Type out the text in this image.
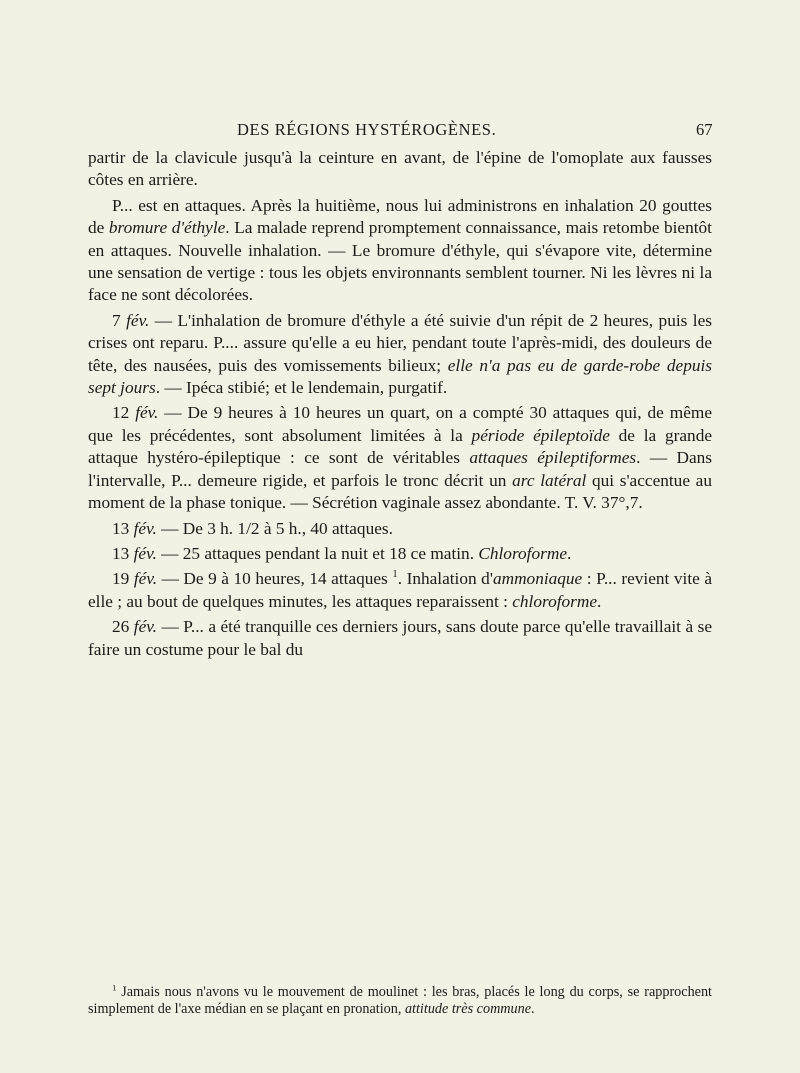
DES RÉGIONS HYSTÉROGÈNES.	67

partir de la clavicule jusqu'à la ceinture en avant, de l'épine de l'omoplate aux fausses côtes en arrière.

P... est en attaques. Après la huitième, nous lui administrons en inhalation 20 gouttes de bromure d'éthyle. La malade reprend promptement connaissance, mais retombe bientôt en attaques. Nouvelle inhalation. — Le bromure d'éthyle, qui s'évapore vite, détermine une sensation de vertige : tous les objets environnants semblent tourner. Ni les lèvres ni la face ne sont décolorées.

7 fév. — L'inhalation de bromure d'éthyle a été suivie d'un répit de 2 heures, puis les crises ont reparu. P.... assure qu'elle a eu hier, pendant toute l'après-midi, des douleurs de tête, des nausées, puis des vomissements bilieux; elle n'a pas eu de garde-robe depuis sept jours. — Ipéca stibié; et le lendemain, purgatif.

12 fév. — De 9 heures à 10 heures un quart, on a compté 30 attaques qui, de même que les précédentes, sont absolument limitées à la période épileptoïde de la grande attaque hystéro-épileptique : ce sont de véritables attaques épileptiformes. — Dans l'intervalle, P... demeure rigide, et parfois le tronc décrit un arc latéral qui s'accentue au moment de la phase tonique. — Sécrétion vaginale assez abondante. T. V. 37°,7.

13 fév. — De 3 h. 1/2 à 5 h., 40 attaques.

13 fév. — 25 attaques pendant la nuit et 18 ce matin. Chloroforme.

19 fév. — De 9 à 10 heures, 14 attaques $^1$. Inhalation d'ammoniaque : P... revient vite à elle ; au bout de quelques minutes, les attaques reparaissent : chloroforme.

26 fév. — P... a été tranquille ces derniers jours, sans doute parce qu'elle travaillait à se faire un costume pour le bal du

$^1$ Jamais nous n'avons vu le mouvement de moulinet : les bras, placés le long du corps, se rapprochent simplement de l'axe médian en se plaçant en pronation, attitude très commune.
